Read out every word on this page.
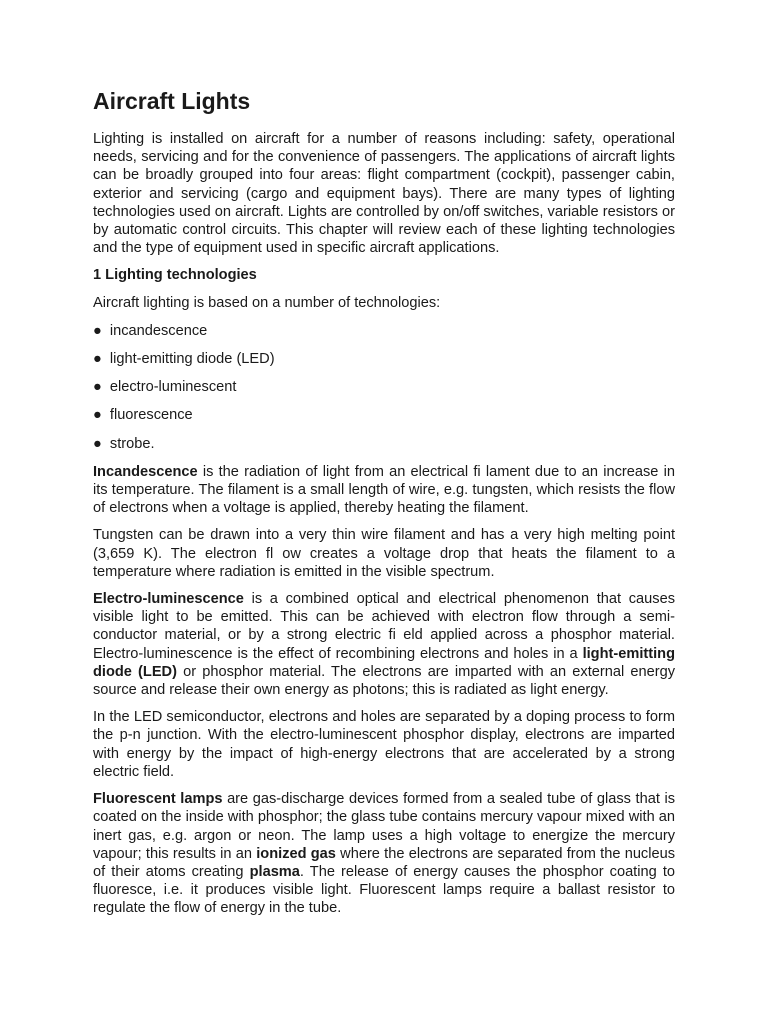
Aircraft Lights

Lighting is installed on aircraft for a number of reasons including: safety, operational needs, servicing and for the convenience of passengers. The applications of aircraft lights can be broadly grouped into four areas: flight compartment (cockpit), passenger cabin, exterior and servicing (cargo and equipment bays). There are many types of lighting technologies used on aircraft. Lights are controlled by on/off switches, variable resistors or by automatic control circuits. This chapter will review each of these lighting technologies and the type of equipment used in specific aircraft applications.

1 Lighting technologies

Aircraft lighting is based on a number of technologies:

● incandescence
● light-emitting diode (LED)
● electro-luminescent
● fluorescence
● strobe.

Incandescence is the radiation of light from an electrical fi lament due to an increase in its temperature. The filament is a small length of wire, e.g. tungsten, which resists the flow of electrons when a voltage is applied, thereby heating the filament.

Tungsten can be drawn into a very thin wire filament and has a very high melting point (3,659 K). The electron fl ow creates a voltage drop that heats the filament to a temperature where radiation is emitted in the visible spectrum.

Electro-luminescence is a combined optical and electrical phenomenon that causes visible light to be emitted. This can be achieved with electron flow through a semi-conductor material, or by a strong electric fi eld applied across a phosphor material. Electro-luminescence is the effect of recombining electrons and holes in a light-emitting diode (LED) or phosphor material. The electrons are imparted with an external energy source and release their own energy as photons; this is radiated as light energy.

In the LED semiconductor, electrons and holes are separated by a doping process to form the p-n junction. With the electro-luminescent phosphor display, electrons are imparted with energy by the impact of high-energy electrons that are accelerated by a strong electric field.

Fluorescent lamps are gas-discharge devices formed from a sealed tube of glass that is coated on the inside with phosphor; the glass tube contains mercury vapour mixed with an inert gas, e.g. argon or neon. The lamp uses a high voltage to energize the mercury vapour; this results in an ionized gas where the electrons are separated from the nucleus of their atoms creating plasma. The release of energy causes the phosphor coating to fluoresce, i.e. it produces visible light. Fluorescent lamps require a ballast resistor to regulate the flow of energy in the tube.
